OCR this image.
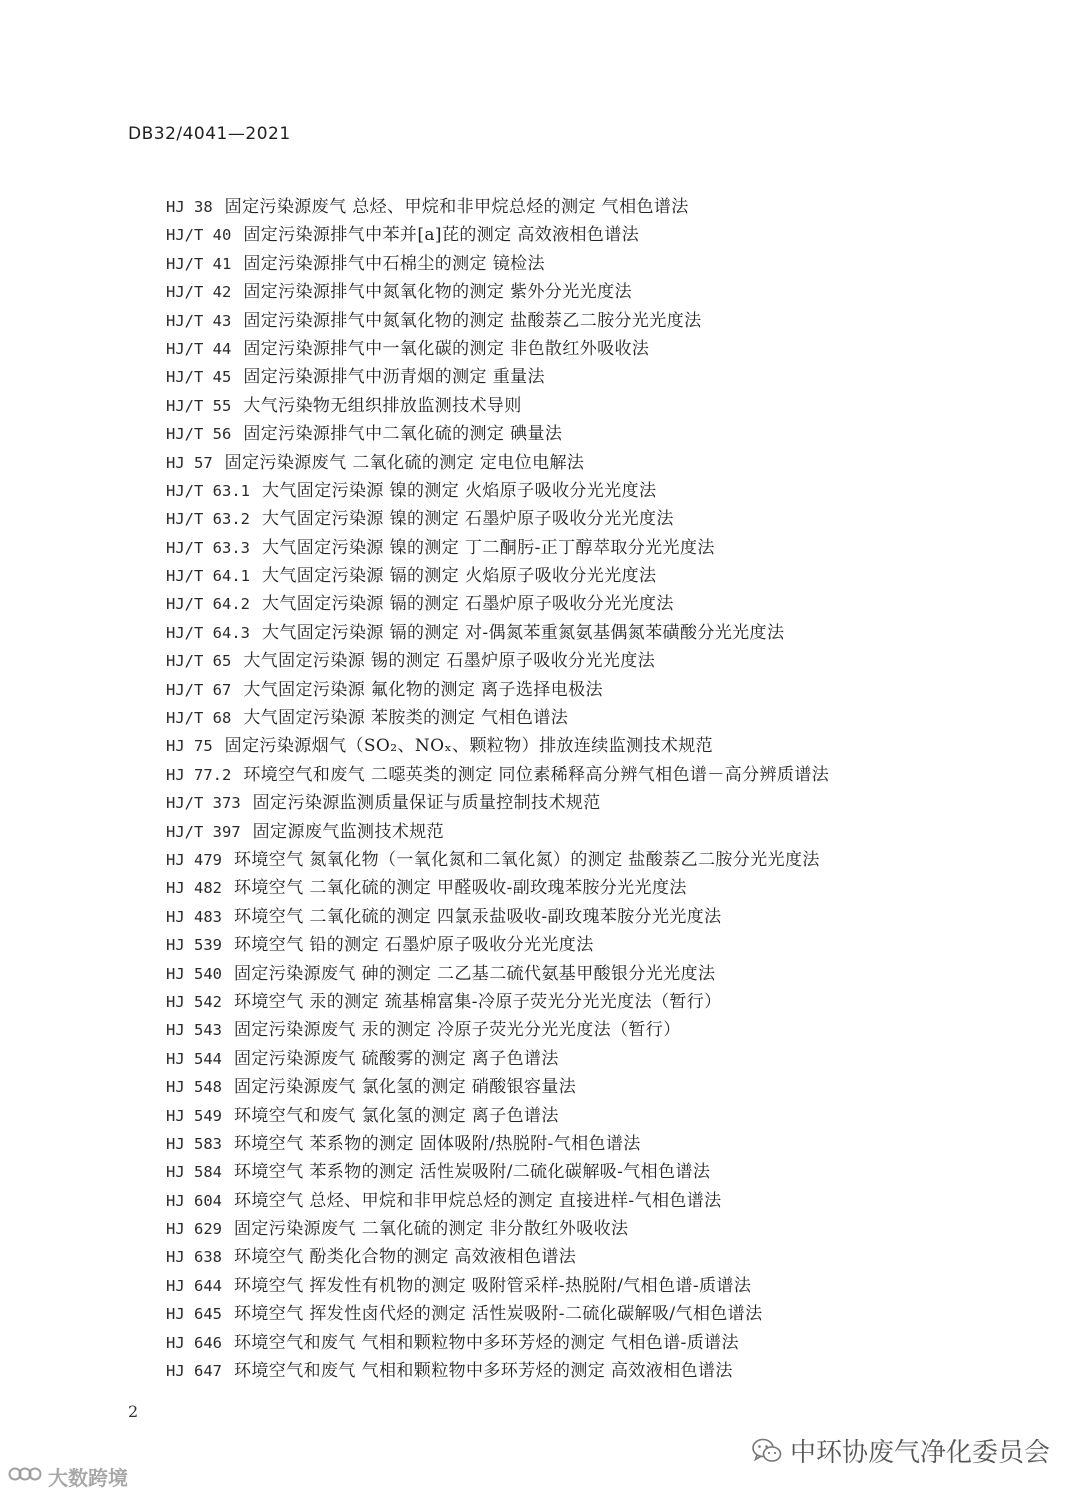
DB32/4041—2021
HJ 38 固定污染源废气 总烃、甲烷和非甲烷总烃的测定 气相色谱法
HJ/T 40 固定污染源排气中苯并[a]芘的测定 高效液相色谱法
HJ/T 41 固定污染源排气中石棉尘的测定 镜检法
HJ/T 42 固定污染源排气中氮氧化物的测定 紫外分光光度法
HJ/T 43 固定污染源排气中氮氧化物的测定 盐酸萘乙二胺分光光度法
HJ/T 44 固定污染源排气中一氧化碳的测定 非色散红外吸收法
HJ/T 45 固定污染源排气中沥青烟的测定 重量法
HJ/T 55 大气污染物无组织排放监测技术导则
HJ/T 56 固定污染源排气中二氧化硫的测定 碘量法
HJ 57 固定污染源废气 二氧化硫的测定 定电位电解法
HJ/T 63.1 大气固定污染源 镍的测定 火焰原子吸收分光光度法
HJ/T 63.2 大气固定污染源 镍的测定 石墨炉原子吸收分光光度法
HJ/T 63.3 大气固定污染源 镍的测定 丁二酮肟-正丁醇萃取分光光度法
HJ/T 64.1 大气固定污染源 镉的测定 火焰原子吸收分光光度法
HJ/T 64.2 大气固定污染源 镉的测定 石墨炉原子吸收分光光度法
HJ/T 64.3 大气固定污染源 镉的测定 对-偶氮苯重氮氨基偶氮苯磺酸分光光度法
HJ/T 65 大气固定污染源 锡的测定 石墨炉原子吸收分光光度法
HJ/T 67 大气固定污染源 氟化物的测定 离子选择电极法
HJ/T 68 大气固定污染源 苯胺类的测定 气相色谱法
HJ 75 固定污染源烟气（SO₂、NOₓ、颗粒物）排放连续监测技术规范
HJ 77.2 环境空气和废气 二噁英类的测定 同位素稀释高分辨气相色谱－高分辨质谱法
HJ/T 373 固定污染源监测质量保证与质量控制技术规范
HJ/T 397 固定源废气监测技术规范
HJ 479 环境空气 氮氧化物（一氧化氮和二氧化氮）的测定 盐酸萘乙二胺分光光度法
HJ 482 环境空气 二氧化硫的测定 甲醛吸收-副玫瑰苯胺分光光度法
HJ 483 环境空气 二氧化硫的测定 四氯汞盐吸收-副玫瑰苯胺分光光度法
HJ 539 环境空气 铅的测定 石墨炉原子吸收分光光度法
HJ 540 固定污染源废气 砷的测定 二乙基二硫代氨基甲酸银分光光度法
HJ 542 环境空气 汞的测定 巯基棉富集-冷原子荧光分光光度法（暂行）
HJ 543 固定污染源废气 汞的测定 冷原子荧光分光光度法（暂行）
HJ 544 固定污染源废气 硫酸雾的测定 离子色谱法
HJ 548 固定污染源废气 氯化氢的测定 硝酸银容量法
HJ 549 环境空气和废气 氯化氢的测定 离子色谱法
HJ 583 环境空气 苯系物的测定 固体吸附/热脱附-气相色谱法
HJ 584 环境空气 苯系物的测定 活性炭吸附/二硫化碳解吸-气相色谱法
HJ 604 环境空气 总烃、甲烷和非甲烷总烃的测定 直接进样-气相色谱法
HJ 629 固定污染源废气 二氧化硫的测定 非分散红外吸收法
HJ 638 环境空气 酚类化合物的测定 高效液相色谱法
HJ 644 环境空气 挥发性有机物的测定 吸附管采样-热脱附/气相色谱-质谱法
HJ 645 环境空气 挥发性卤代烃的测定 活性炭吸附-二硫化碳解吸/气相色谱法
HJ 646 环境空气和废气 气相和颗粒物中多环芳烃的测定 气相色谱-质谱法
HJ 647 环境空气和废气 气相和颗粒物中多环芳烃的测定 高效液相色谱法
2
中环协废气净化委员会
大数跨境
